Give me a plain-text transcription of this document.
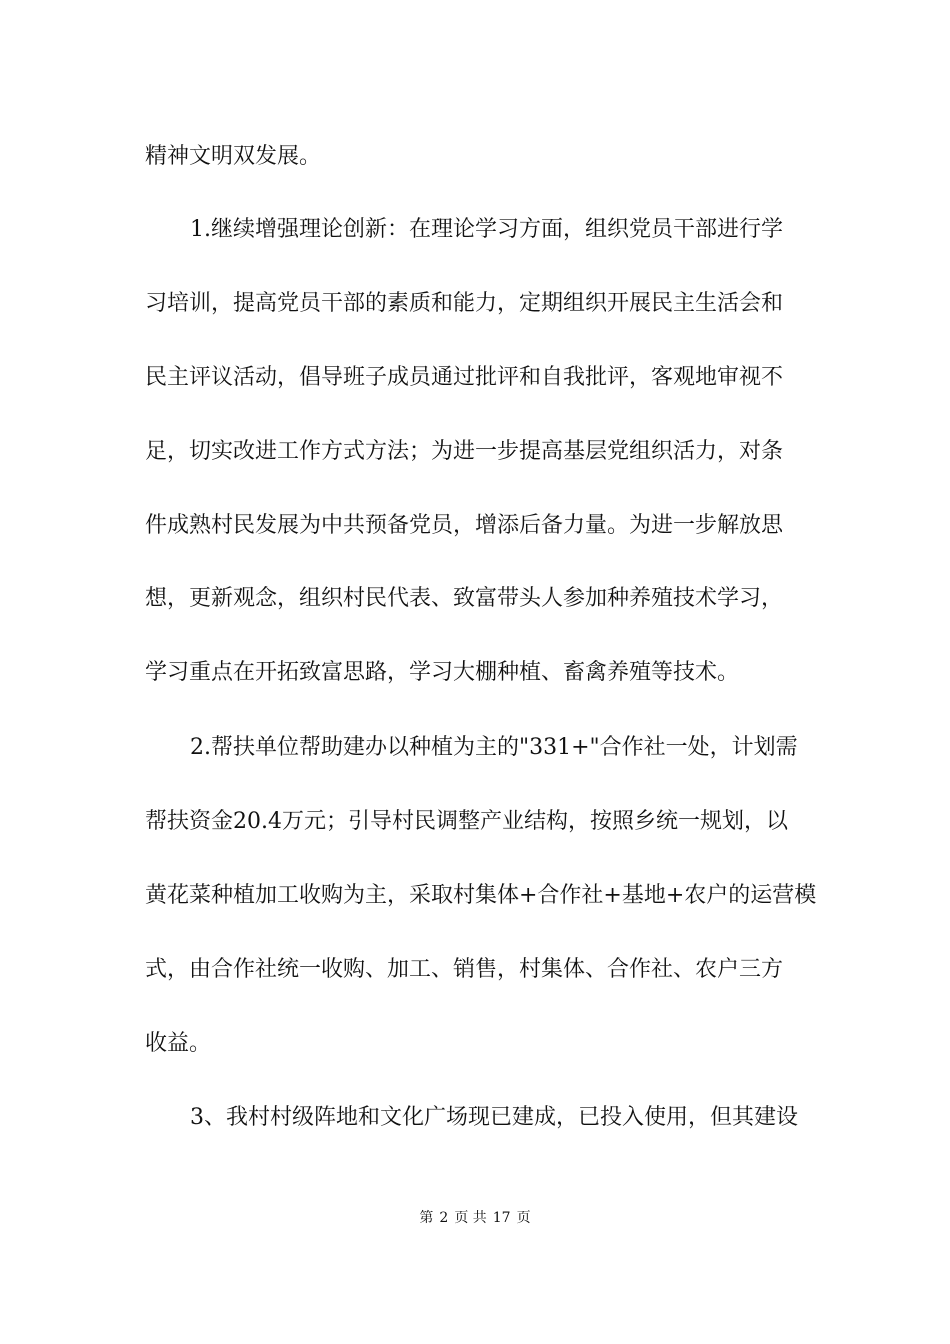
精神文明双发展。
1.继续增强理论创新：在理论学习方面，组织党员干部进行学
习培训，提高党员干部的素质和能力，定期组织开展民主生活会和
民主评议活动，倡导班子成员通过批评和自我批评，客观地审视不
足，切实改进工作方式方法；为进一步提高基层党组织活力，对条
件成熟村民发展为中共预备党员，增添后备力量。为进一步解放思
想，更新观念，组织村民代表、致富带头人参加种养殖技术学习，
学习重点在开拓致富思路，学习大棚种植、畜禽养殖等技术。
2.帮扶单位帮助建办以种植为主的"331+"合作社一处，计划需
帮扶资金20.4万元；引导村民调整产业结构，按照乡统一规划，以
黄花菜种植加工收购为主，采取村集体+合作社+基地+农户的运营模
式，由合作社统一收购、加工、销售，村集体、合作社、农户三方
收益。
3、我村村级阵地和文化广场现已建成，已投入使用，但其建设
第 2 页 共 17 页
